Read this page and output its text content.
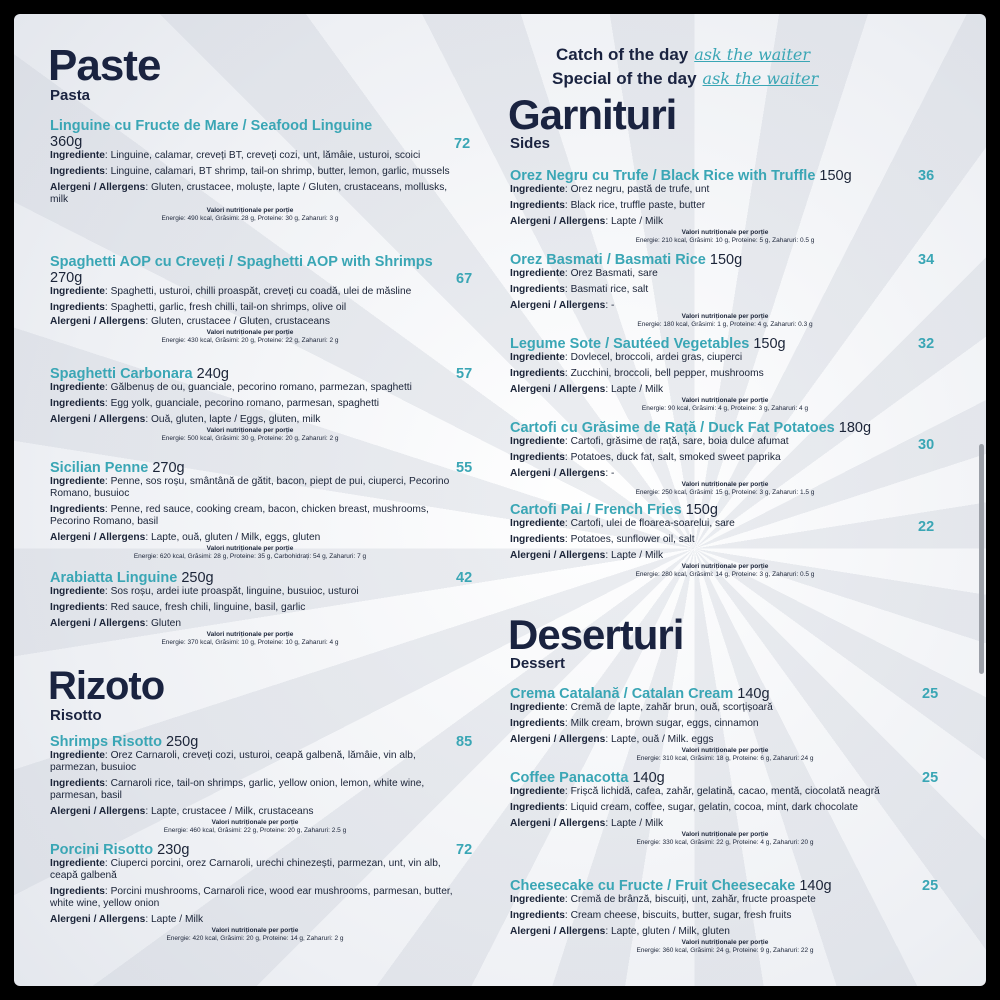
Paste
Pasta
Linguine cu Fructe de Mare / Seafood Linguine
360g	72
Ingrediente: Linguine, calamar, creveți BT, creveți cozi, unt, lămâie, usturoi, scoici
Ingredients: Linguine, calamari, BT shrimp, tail-on shrimp, butter, lemon, garlic, mussels
Alergeni / Allergens: Gluten, crustacee, moluște, lapte / Gluten, crustaceans, mollusks, milk
Valori nutriționale per porție
Energie: 490 kcal, Grăsimi: 28 g, Proteine: 30 g, Zaharuri: 3 g
Spaghetti AOP cu Creveți / Spaghetti AOP with Shrimps 270g	67
Ingrediente: Spaghetti, usturoi, chilli proaspăt, creveți cu coadă, ulei de măsline
Ingredients: Spaghetti, garlic, fresh chilli, tail-on shrimps, olive oil
Alergeni / Allergens: Gluten, crustacee / Gluten, crustaceans
Valori nutriționale per porție
Energie: 430 kcal, Grăsimi: 20 g, Proteine: 22 g, Zaharuri: 2 g
Spaghetti Carbonara 240g	57
Ingrediente: Gălbenuș de ou, guanciale, pecorino romano, parmezan, spaghetti
Ingredients: Egg yolk, guanciale, pecorino romano, parmesan, spaghetti
Alergeni / Allergens: Ouă, gluten, lapte / Eggs, gluten, milk
Valori nutriționale per porție
Energie: 500 kcal, Grăsimi: 30 g, Proteine: 20 g, Zaharuri: 2 g
Sicilian Penne 270g	55
Ingrediente: Penne, sos roșu, smântână de gătit, bacon, piept de pui, ciuperci, Pecorino Romano, busuioc
Ingredients: Penne, red sauce, cooking cream, bacon, chicken breast, mushrooms, Pecorino Romano, basil
Alergeni / Allergens: Lapte, ouă, gluten / Milk, eggs, gluten
Valori nutriționale per porție
Energie: 620 kcal, Grăsimi: 28 g, Proteine: 35 g, Carbohidrați: 54 g, Zaharuri: 7 g
Arabiatta Linguine 250g	42
Ingrediente: Sos roșu, ardei iute proaspăt, linguine, busuioc, usturoi
Ingredients: Red sauce, fresh chili, linguine, basil, garlic
Alergeni / Allergens: Gluten
Valori nutriționale per porție
Energie: 370 kcal, Grăsimi: 10 g, Proteine: 10 g, Zaharuri: 4 g
Rizoto
Risotto
Shrimps Risotto 250g	85
Ingrediente: Orez Carnaroli, creveți cozi, usturoi, ceapă galbenă, lămâie, vin alb, parmezan, busuioc
Ingredients: Carnaroli rice, tail-on shrimps, garlic, yellow onion, lemon, white wine, parmesan, basil
Alergeni / Allergens: Lapte, crustacee / Milk, crustaceans
Valori nutriționale per porție
Energie: 460 kcal, Grăsimi: 22 g, Proteine: 20 g, Zaharuri: 2.5 g
Porcini Risotto 230g	72
Ingrediente: Ciuperci porcini, orez Carnaroli, urechi chinezești, parmezan, unt, vin alb, ceapă galbenă
Ingredients: Porcini mushrooms, Carnaroli rice, wood ear mushrooms, parmesan, butter, white wine, yellow onion
Alergeni / Allergens: Lapte / Milk
Valori nutriționale per porție
Energie: 420 kcal, Grăsimi: 20 g, Proteine: 14 g, Zaharuri: 2 g
Catch of the day ask the waiter
Special of the day ask the waiter
Garnituri
Sides
Orez Negru cu Trufe / Black Rice with Truffle 150g	36
Ingrediente: Orez negru, pastă de trufe, unt
Ingredients: Black rice, truffle paste, butter
Alergeni / Allergens: Lapte / Milk
Valori nutriționale per porție
Energie: 210 kcal, Grăsimi: 10 g, Proteine: 5 g, Zaharuri: 0.5 g
Orez Basmati / Basmati Rice 150g	34
Ingrediente: Orez Basmati, sare
Ingredients: Basmati rice, salt
Alergeni / Allergens: -
Valori nutriționale per porție
Energie: 180 kcal, Grăsimi: 1 g, Proteine: 4 g, Zaharuri: 0.3 g
Legume Sote / Sautéed Vegetables 150g	32
Ingrediente: Dovlecel, broccoli, ardei gras, ciuperci
Ingredients: Zucchini, broccoli, bell pepper, mushrooms
Alergeni / Allergens: Lapte / Milk
Valori nutriționale per porție
Energie: 90 kcal, Grăsimi: 4 g, Proteine: 3 g, Zaharuri: 4 g
Cartofi cu Grăsime de Rață / Duck Fat Potatoes 180g
30
Ingrediente: Cartofi, grăsime de rață, sare, boia dulce afumat
Ingredients: Potatoes, duck fat, salt, smoked sweet paprika
Alergeni / Allergens: -
Valori nutriționale per porție
Energie: 250 kcal, Grăsimi: 15 g, Proteine: 3 g, Zaharuri: 1.5 g
Cartofi Pai / French Fries 150g
22
Ingrediente: Cartofi, ulei de floarea-soarelui, sare
Ingredients: Potatoes, sunflower oil, salt
Alergeni / Allergens: Lapte / Milk
Valori nutriționale per porție
Energie: 280 kcal, Grăsimi: 14 g, Proteine: 3 g, Zaharuri: 0.5 g
Deserturi
Dessert
Crema Catalană / Catalan Cream 140g	25
Ingrediente: Cremă de lapte, zahăr brun, ouă, scorțișoară
Ingredients: Milk cream, brown sugar, eggs, cinnamon
Alergeni / Allergens: Lapte, ouă / Milk. eggs
Valori nutriționale per porție
Energie: 310 kcal, Grăsimi: 18 g, Proteine: 6 g, Zaharuri: 24 g
Coffee Panacotta 140g	25
Ingrediente: Frișcă lichidă, cafea, zahăr, gelatină, cacao, mentă, ciocolată neagră
Ingredients: Liquid cream, coffee, sugar, gelatin, cocoa, mint, dark chocolate
Alergeni / Allergens: Lapte / Milk
Valori nutriționale per porție
Energie: 330 kcal, Grăsimi: 22 g, Proteine: 4 g, Zaharuri: 20 g
Cheesecake cu Fructe / Fruit Cheesecake 140g	25
Ingrediente: Cremă de brânză, biscuiți, unt, zahăr, fructe proaspete
Ingredients: Cream cheese, biscuits, butter, sugar, fresh fruits
Alergeni / Allergens: Lapte, gluten / Milk, gluten
Valori nutriționale per porție
Energie: 360 kcal, Grăsimi: 24 g, Proteine: 9 g, Zaharuri: 22 g
